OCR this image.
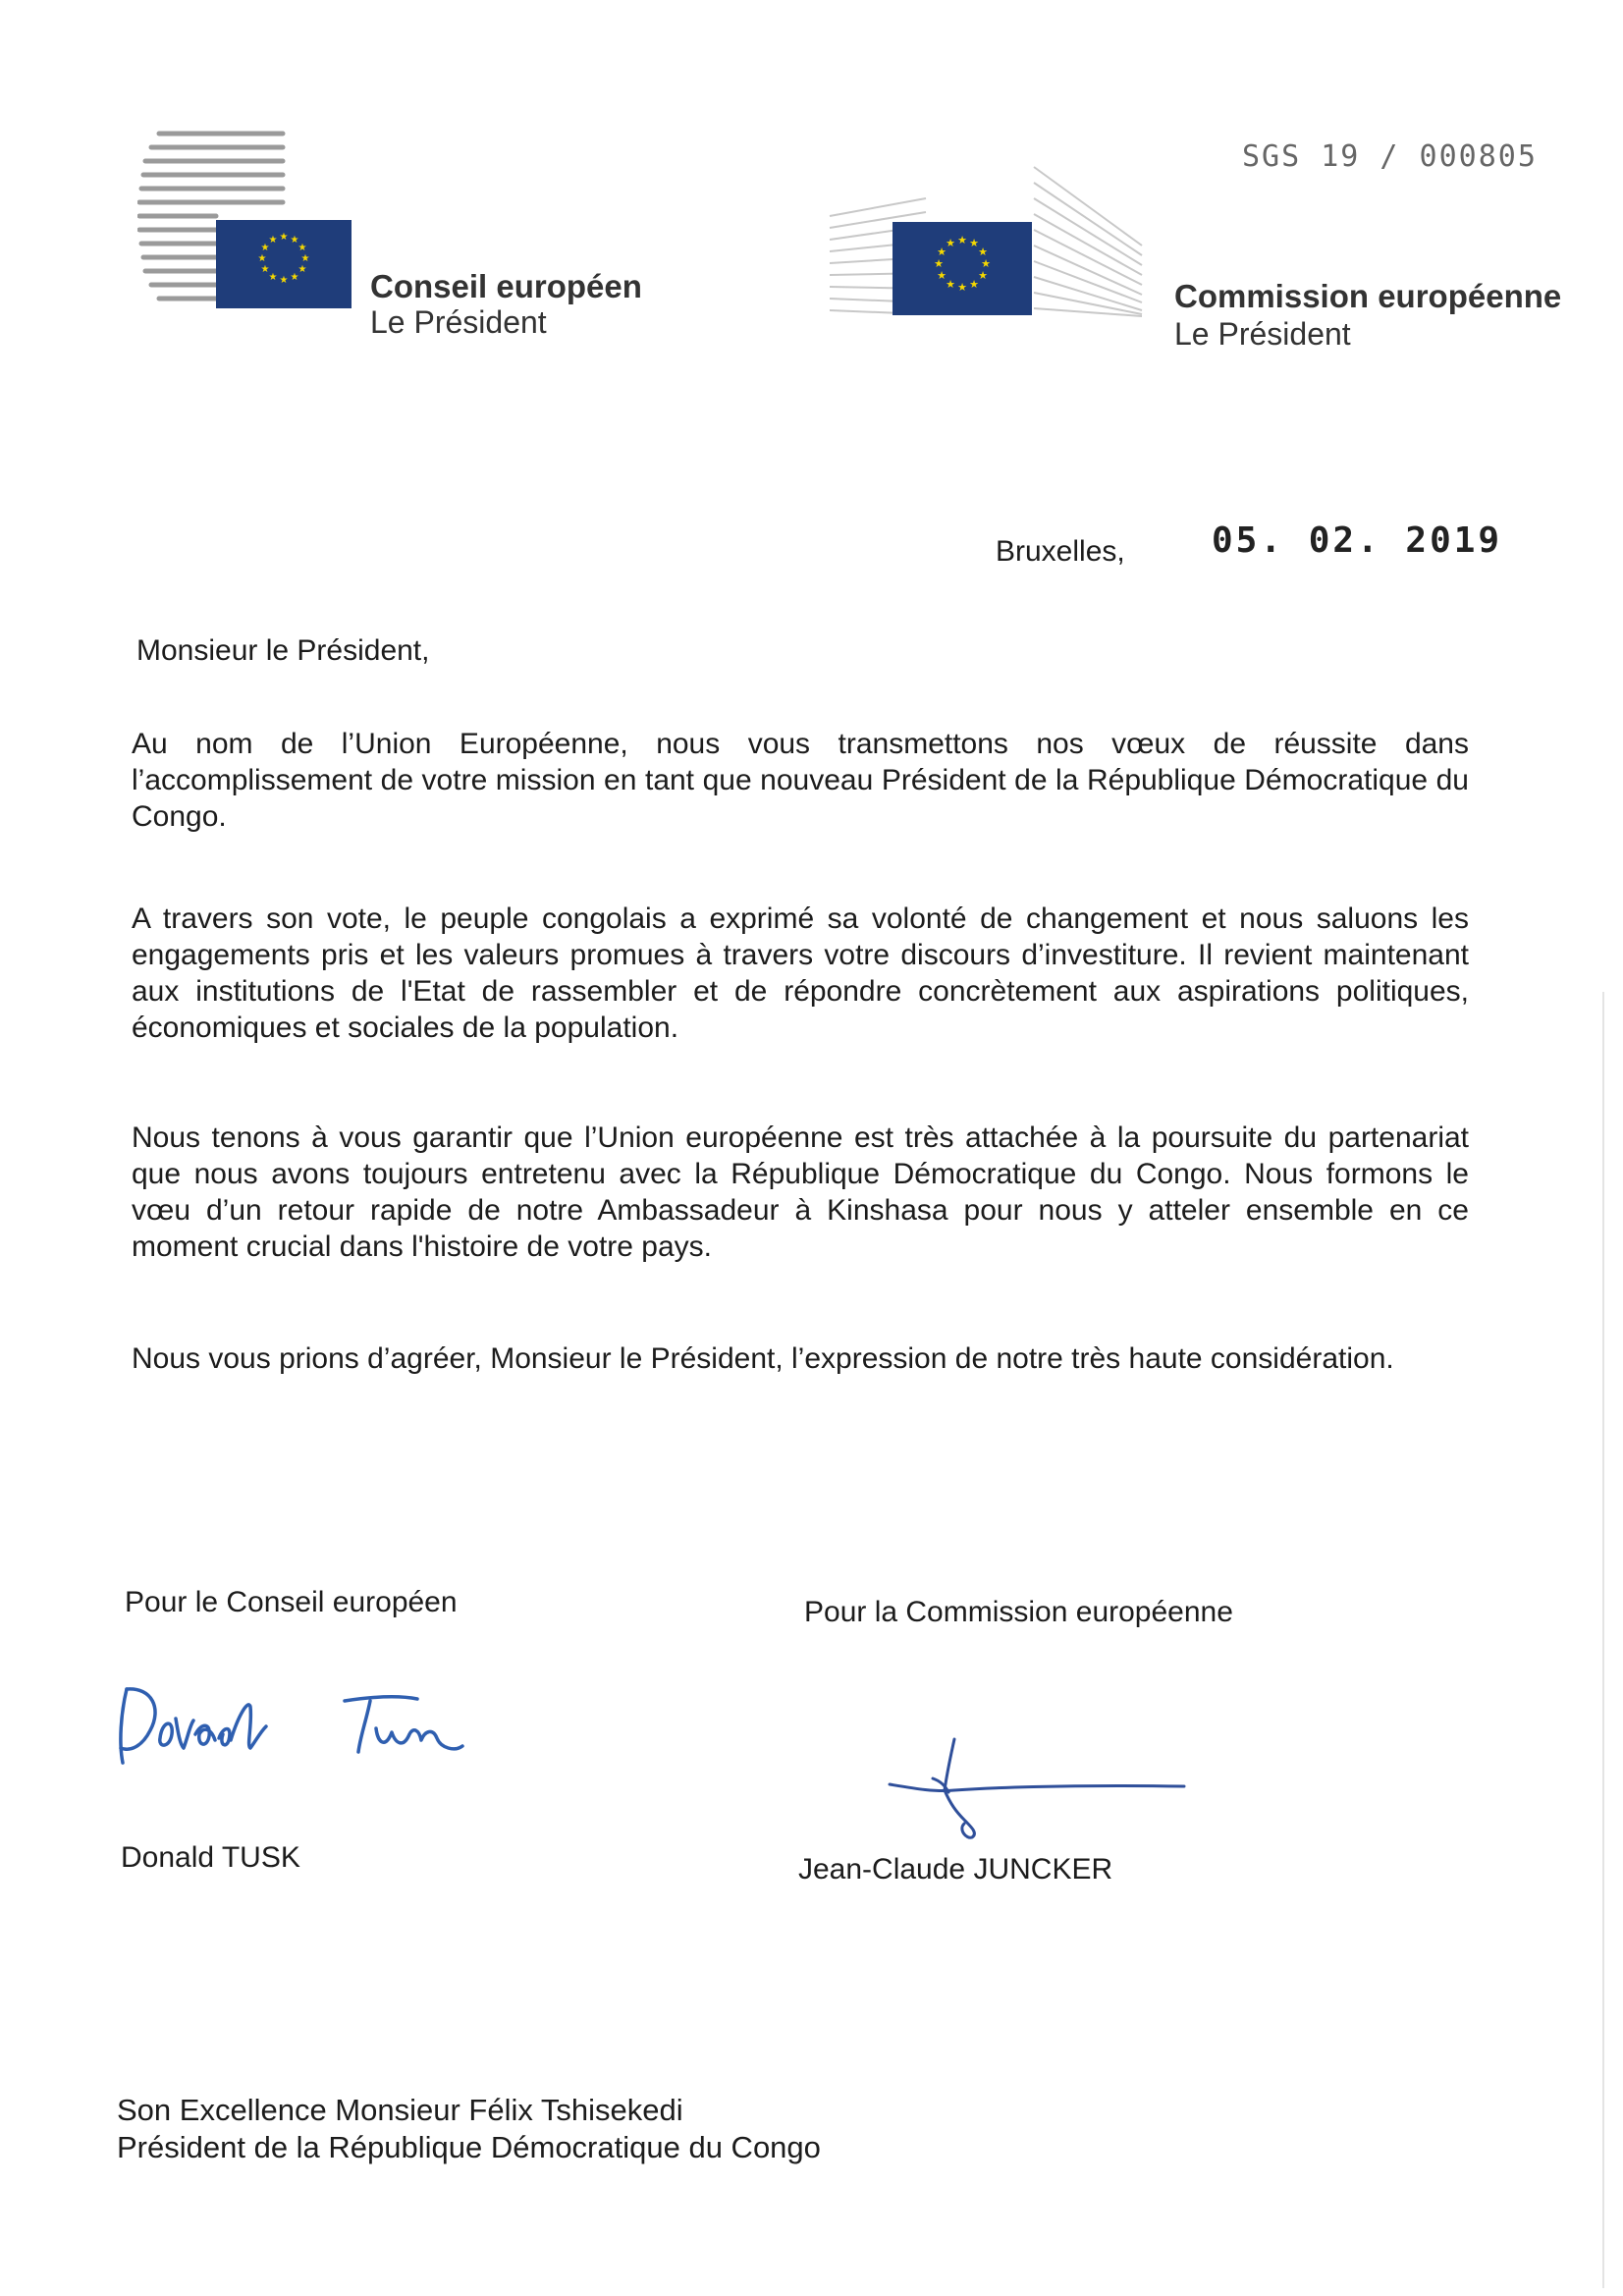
★ ★
★
★
★
★
★
★
★
★
★
★
Conseil européen
Le Président
★ ★
★
★
★
★
★
★
★
★
★
★
Commission européenne
Le Président
SGS 19 / 000805
Bruxelles, 05. 02. 2019
Monsieur le Président,
Au nom de l’Union Européenne, nous vous transmettons nos vœux de réussite dans l’accomplissement de votre mission en tant que nouveau Président de la République Démocratique du Congo.
A travers son vote, le peuple congolais a exprimé sa volonté de changement et nous saluons les engagements pris et les valeurs promues à travers votre discours d’investiture. Il revient maintenant aux institutions de l'Etat de rassembler et de répondre concrètement aux aspirations politiques, économiques et sociales de la population.
Nous tenons à vous garantir que l’Union européenne est très attachée à la poursuite du partenariat que nous avons toujours entretenu avec la République Démocratique du Congo. Nous formons le vœu d’un retour rapide de notre Ambassadeur à Kinshasa pour nous y atteler ensemble en ce moment crucial dans l'histoire de votre pays.
Nous vous prions d’agréer, Monsieur le Président, l’expression de notre très haute considération.
Pour le Conseil européen	Pour la Commission européenne
Donald TUSK	Jean-Claude JUNCKER
Son Excellence Monsieur Félix Tshisekedi
Président de la République Démocratique du Congo
